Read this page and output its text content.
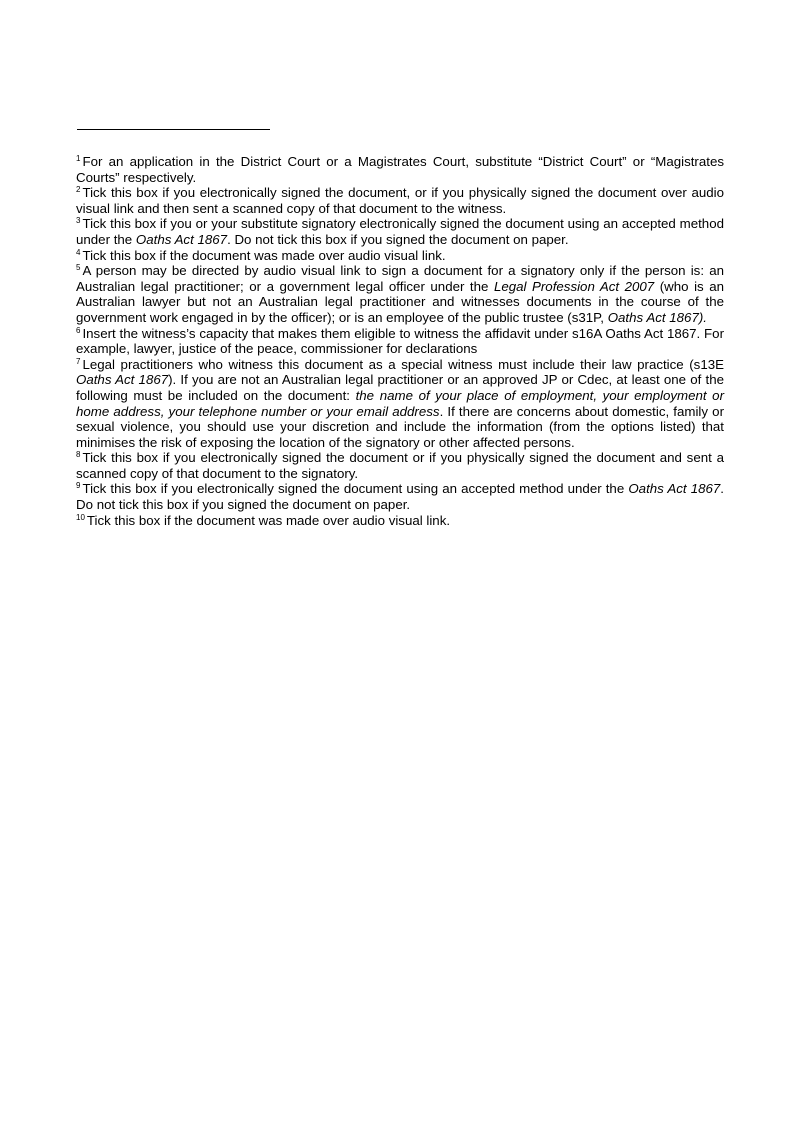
$^1$ For an application in the District Court or a Magistrates Court, substitute “District Court” or “Magistrates Courts” respectively.

$^2$ Tick this box if you electronically signed the document, or if you physically signed the document over audio visual link and then sent a scanned copy of that document to the witness.

$^3$ Tick this box if you or your substitute signatory electronically signed the document using an accepted method under the Oaths Act 1867. Do not tick this box if you signed the document on paper.

$^4$ Tick this box if the document was made over audio visual link.

$^5$ A person may be directed by audio visual link to sign a document for a signatory only if the person is: an Australian legal practitioner; or a government legal officer under the Legal Profession Act 2007 (who is an Australian lawyer but not an Australian legal practitioner and witnesses documents in the course of the government work engaged in by the officer); or is an employee of the public trustee (s31P, Oaths Act 1867).

$^6$ Insert the witness’s capacity that makes them eligible to witness the affidavit under s16A Oaths Act 1867. For example, lawyer, justice of the peace, commissioner for declarations

$^7$ Legal practitioners who witness this document as a special witness must include their law practice (s13E Oaths Act 1867). If you are not an Australian legal practitioner or an approved JP or Cdec, at least one of the following must be included on the document: the name of your place of employment, your employment or home address, your telephone number or your email address. If there are concerns about domestic, family or sexual violence, you should use your discretion and include the information (from the options listed) that minimises the risk of exposing the location of the signatory or other affected persons.

$^8$ Tick this box if you electronically signed the document or if you physically signed the document and sent a scanned copy of that document to the signatory.

$^9$ Tick this box if you electronically signed the document using an accepted method under the Oaths Act 1867. Do not tick this box if you signed the document on paper.

$^{10}$ Tick this box if the document was made over audio visual link.
